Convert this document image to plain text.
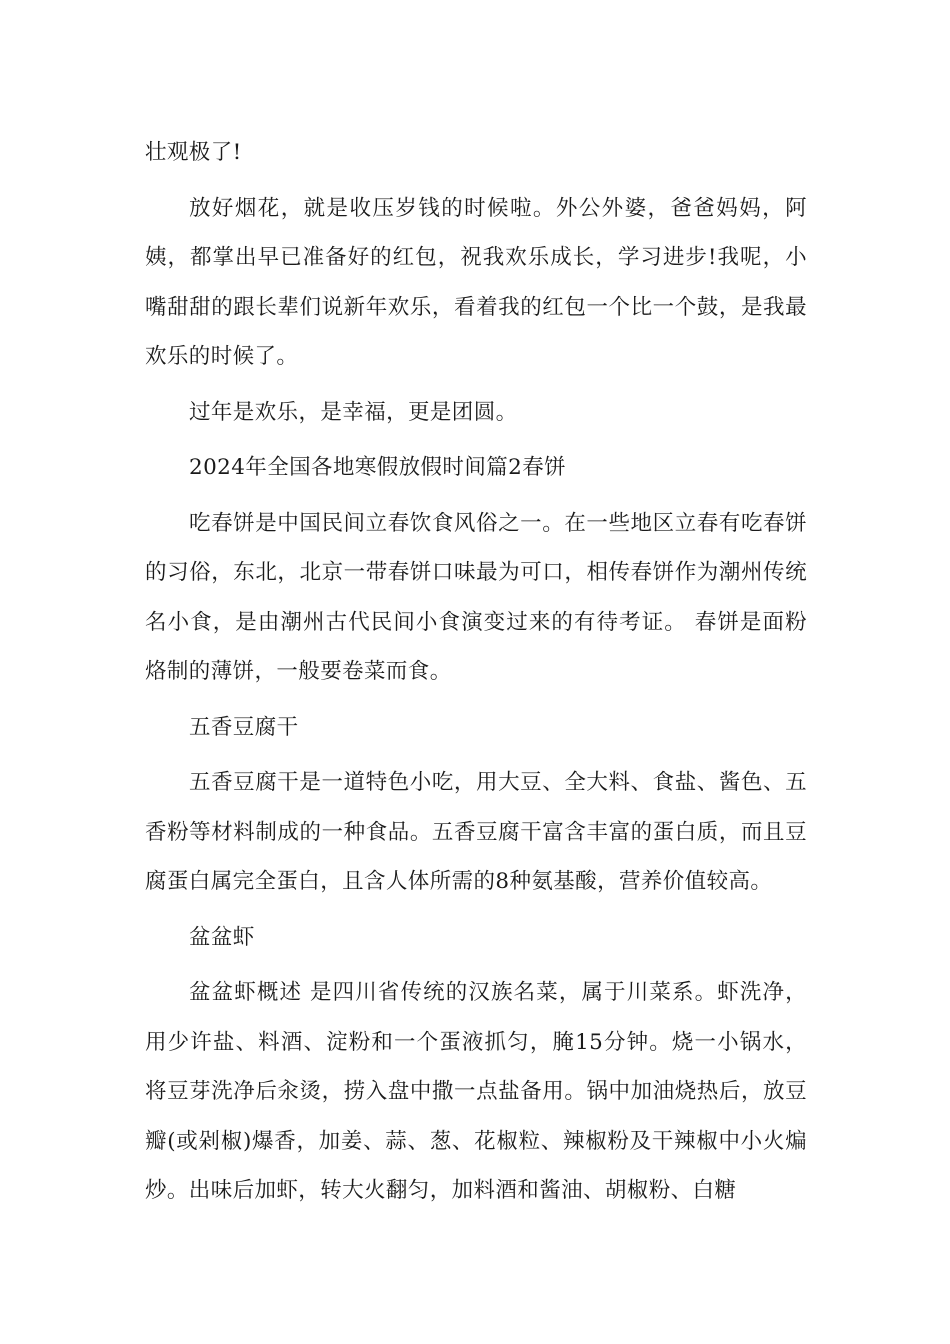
壮观极了!

放好烟花，就是收压岁钱的时候啦。外公外婆，爸爸妈妈，阿姨，都掌出早已准备好的红包，祝我欢乐成长，学习进步!我呢，小嘴甜甜的跟长辈们说新年欢乐，看着我的红包一个比一个鼓，是我最欢乐的时候了。

过年是欢乐，是幸福，更是团圆。

2024年全国各地寒假放假时间篇2春饼

吃春饼是中国民间立春饮食风俗之一。在一些地区立春有吃春饼的习俗，东北，北京一带春饼口味最为可口，相传春饼作为潮州传统名小食，是由潮州古代民间小食演变过来的有待考证。 春饼是面粉烙制的薄饼，一般要卷菜而食。

五香豆腐干

五香豆腐干是一道特色小吃，用大豆、全大料、食盐、酱色、五香粉等材料制成的一种食品。五香豆腐干富含丰富的蛋白质，而且豆腐蛋白属完全蛋白，且含人体所需的8种氨基酸，营养价值较高。

盆盆虾

盆盆虾概述 是四川省传统的汉族名菜，属于川菜系。虾洗净，用少许盐、料酒、淀粉和一个蛋液抓匀，腌15分钟。烧一小锅水，将豆芽洗净后汆烫，捞入盘中撒一点盐备用。锅中加油烧热后，放豆瓣(或剁椒)爆香，加姜、蒜、葱、花椒粒、辣椒粉及干辣椒中小火煸炒。出味后加虾，转大火翻匀，加料酒和酱油、胡椒粉、白糖
